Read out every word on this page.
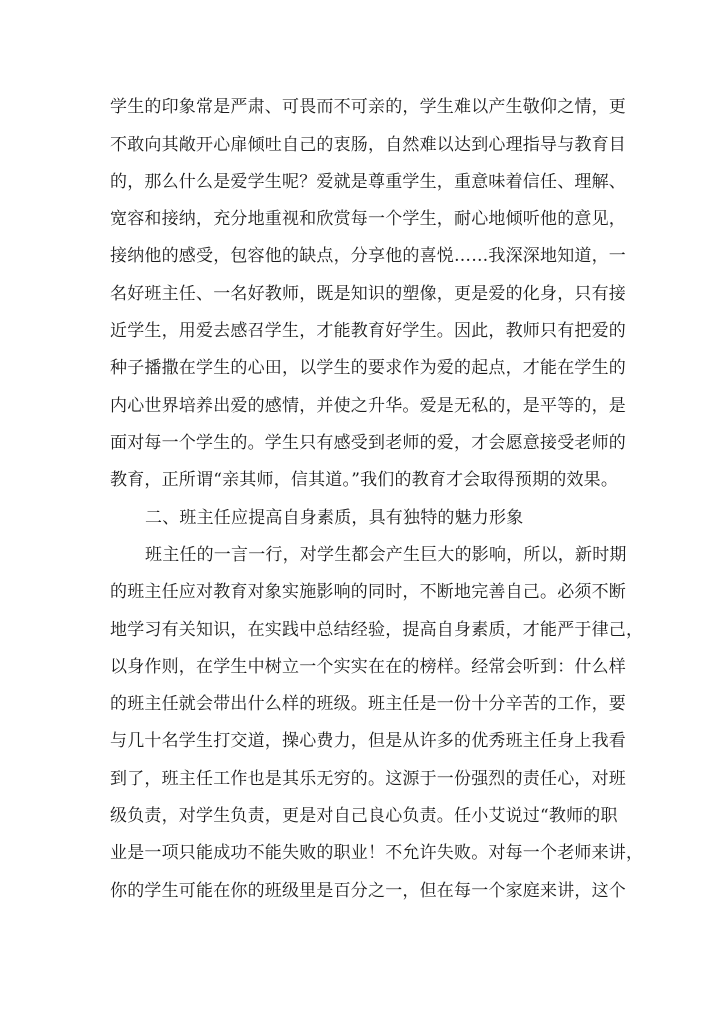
学生的印象常是严肃、可畏而不可亲的，学生难以产生敬仰之情，更
不敢向其敞开心扉倾吐自己的衷肠，自然难以达到心理指导与教育目
的，那么什么是爱学生呢？爱就是尊重学生，重意味着信任、理解、
宽容和接纳，充分地重视和欣赏每一个学生，耐心地倾听他的意见，
接纳他的感受，包容他的缺点，分享他的喜悦……我深深地知道，一
名好班主任、一名好教师，既是知识的塑像，更是爱的化身，只有接
近学生，用爱去感召学生，才能教育好学生。因此，教师只有把爱的
种子播撒在学生的心田，以学生的要求作为爱的起点，才能在学生的
内心世界培养出爱的感情，并使之升华。爱是无私的，是平等的，是
面对每一个学生的。学生只有感受到老师的爱，才会愿意接受老师的
教育，正所谓“亲其师，信其道。”我们的教育才会取得预期的效果。
二、班主任应提高自身素质，具有独特的魅力形象
班主任的一言一行，对学生都会产生巨大的影响，所以，新时期
的班主任应对教育对象实施影响的同时，不断地完善自己。必须不断
地学习有关知识，在实践中总结经验，提高自身素质，才能严于律己，
以身作则，在学生中树立一个实实在在的榜样。经常会听到：什么样
的班主任就会带出什么样的班级。班主任是一份十分辛苦的工作，要
与几十名学生打交道，操心费力，但是从许多的优秀班主任身上我看
到了，班主任工作也是其乐无穷的。这源于一份强烈的责任心，对班
级负责，对学生负责，更是对自己良心负责。任小艾说过“教师的职
业是一项只能成功不能失败的职业！不允许失败。对每一个老师来讲，
你的学生可能在你的班级里是百分之一，但在每一个家庭来讲，这个
